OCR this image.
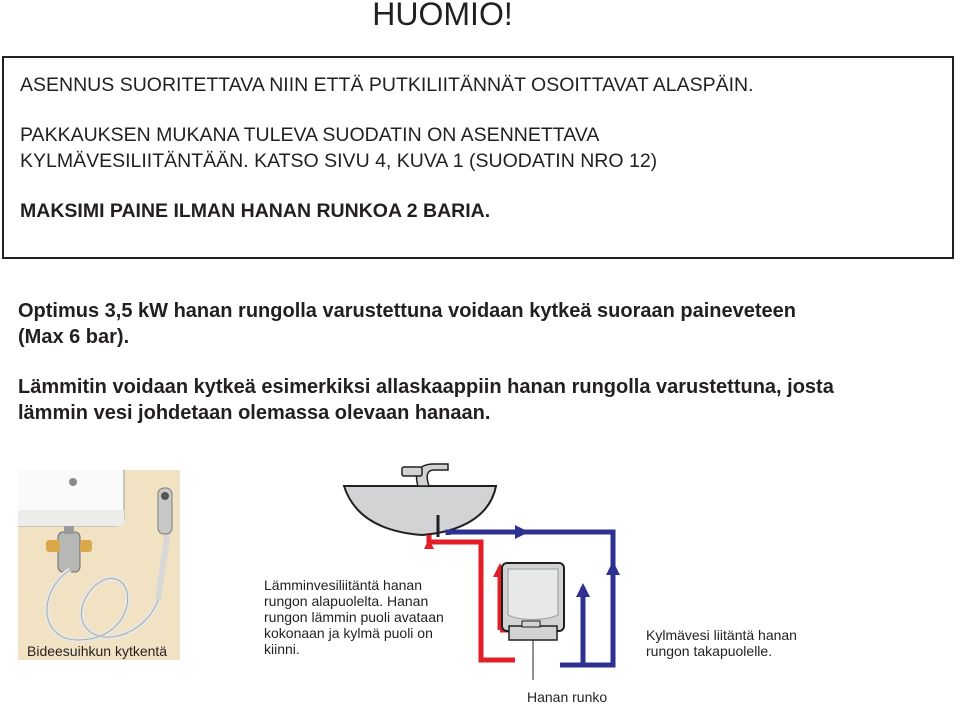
HUOMIO!

ASENNUS SUORITETTAVA NIIN ETTÄ PUTKILIITÄNNÄT OSOITTAVAT ALASPÄIN.

PAKKAUKSEN MUKANA TULEVA SUODATIN ON ASENNETTAVA

KYLMÄVESILIITÄNTÄÄN. KATSO SIVU 4, KUVA 1 (SUODATIN NRO 12)

MAKSIMI PAINE ILMAN HANAN RUNKOA 2 BARIA.

Optimus 3,5 kW hanan rungolla varustettuna voidaan kytkeä suoraan paineveteen

(Max 6 bar).

Lämmitin voidaan kytkeä esimerkiksi allaskaappiin hanan rungolla varustettuna, josta

lämmin vesi johdetaan olemassa olevaan hanaan.

Bideesuihkun kytkentä

Lämminvesiliitäntä hanan

rungon alapuolelta. Hanan

rungon lämmin puoli avataan

kokonaan ja kylmä puoli on

kiinni.

Kylmävesi liitäntä hanan

rungon takapuolelle.

Hanan runko
